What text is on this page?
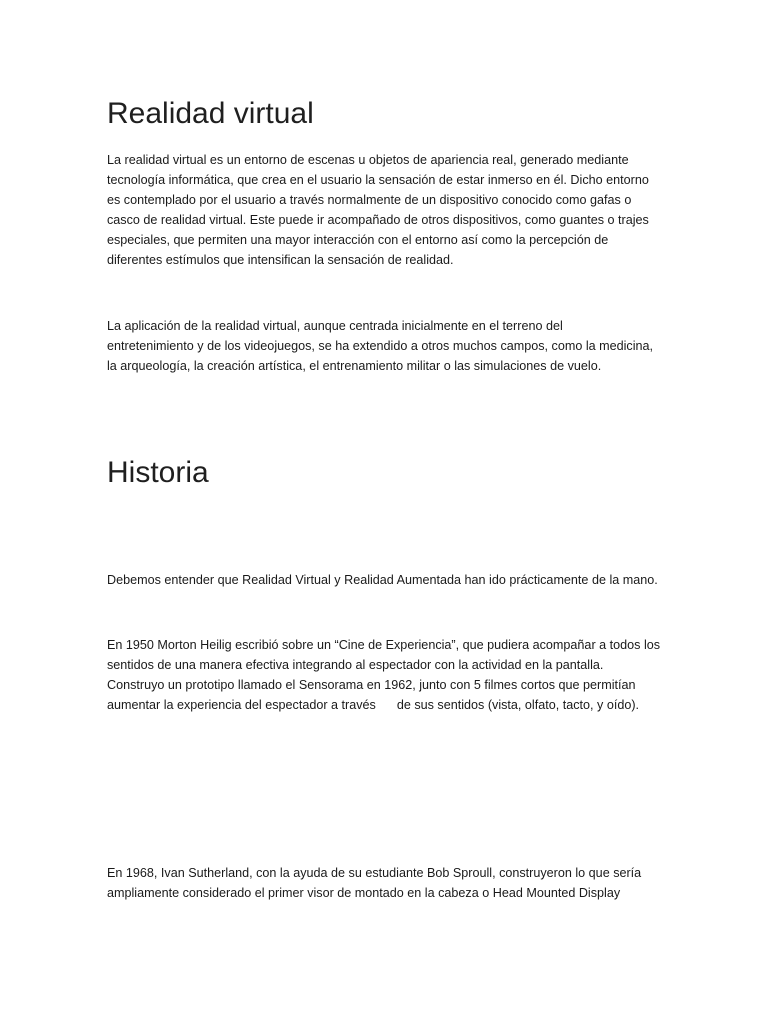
Realidad virtual
La realidad virtual es un entorno de escenas u objetos de apariencia real, generado mediante
tecnología informática, que crea en el usuario la sensación de estar inmerso en él. Dicho entorno
es contemplado por el usuario a través normalmente de un dispositivo conocido como gafas o
casco de realidad virtual. Este puede ir acompañado de otros dispositivos, como guantes o trajes
especiales, que permiten una mayor interacción con el entorno así como la percepción de
diferentes estímulos que intensifican la sensación de realidad.
La aplicación de la realidad virtual, aunque centrada inicialmente en el terreno del
entretenimiento y de los videojuegos, se ha extendido a otros muchos campos, como la medicina,
la arqueología, la creación artística, el entrenamiento militar o las simulaciones de vuelo.
Historia
Debemos entender que Realidad Virtual y Realidad Aumentada han ido prácticamente de la mano.
En 1950 Morton Heilig escribió sobre un “Cine de Experiencia”, que pudiera acompañar a todos los
sentidos de una manera efectiva integrando al espectador con la actividad en la pantalla.
Construyo un prototipo llamado el Sensorama en 1962, junto con 5 filmes cortos que permitían
aumentar la experiencia del espectador a través      de sus sentidos (vista, olfato, tacto, y oído).
En 1968, Ivan Sutherland, con la ayuda de su estudiante Bob Sproull, construyeron lo que sería
ampliamente considerado el primer visor de montado en la cabeza o Head Mounted Display
